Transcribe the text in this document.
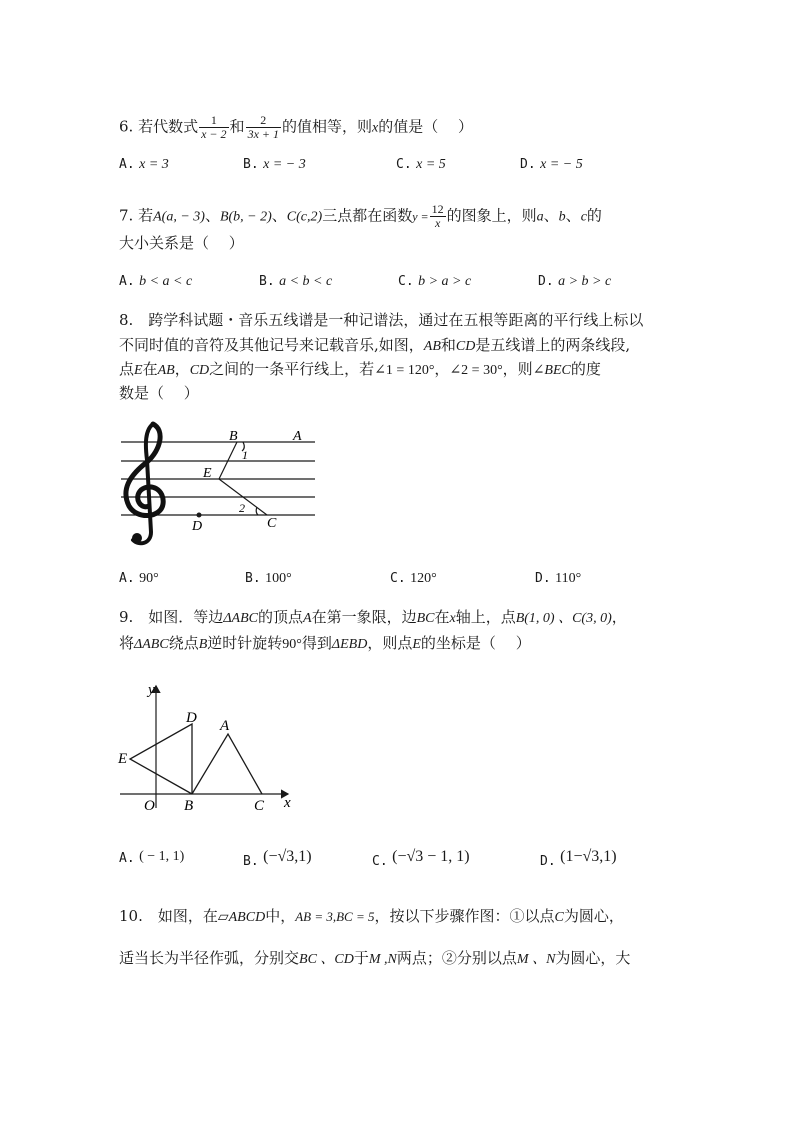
6. 若代数式 $\frac{1}{x - 2}$ 和 $\frac{2}{3x + 1}$ 的值相等，则x的值是（　 ）
A. x = 3	B. x = − 3	C. x = 5	D. x = − 5
7. 若A(a, − 3)、B(b, − 2)、C(c,2)三点都在函数$y = \frac{12}{x}$ 的图象上，则a、b、c的
大小关系是（　 ）
A. b < a < c	B. a < b < c	C. b > a > c	D. a > b > c
8.　跨学科试题・音乐五线谱是一种记谱法，通过在五根等距离的平行线上标以
不同时值的音符及其他记号来记载音乐,如图，AB和CD是五线谱上的两条线段,
点E在AB，CD之间的一条平行线上，若∠1 = 120°，∠2 = 30°，则∠BEC的度
数是（　 ）
B	A
E
D	C
1
2
A. 90°	B. 100°	C. 120°	D. 110°
9.　如图．等边ΔABC的顶点A在第一象限，边BC在x轴上，点B(1, 0) 、C(3, 0)，
将ΔABC绕点B逆时针旋转90°得到ΔEBD，则点E的坐标是（　 ）
y
x
O B	C
A
D
E
A. ( − 1, 1)	B. (−√3,1)	C. (−√3 − 1, 1)	D. (1−√3,1)
10.　如图，在▱ABCD中，AB = 3,BC = 5，按以下步骤作图：①以点C为圆心，
适当长为半径作弧，分别交BC 、CD于M ,N两点；②分别以点M 、N为圆心，大
